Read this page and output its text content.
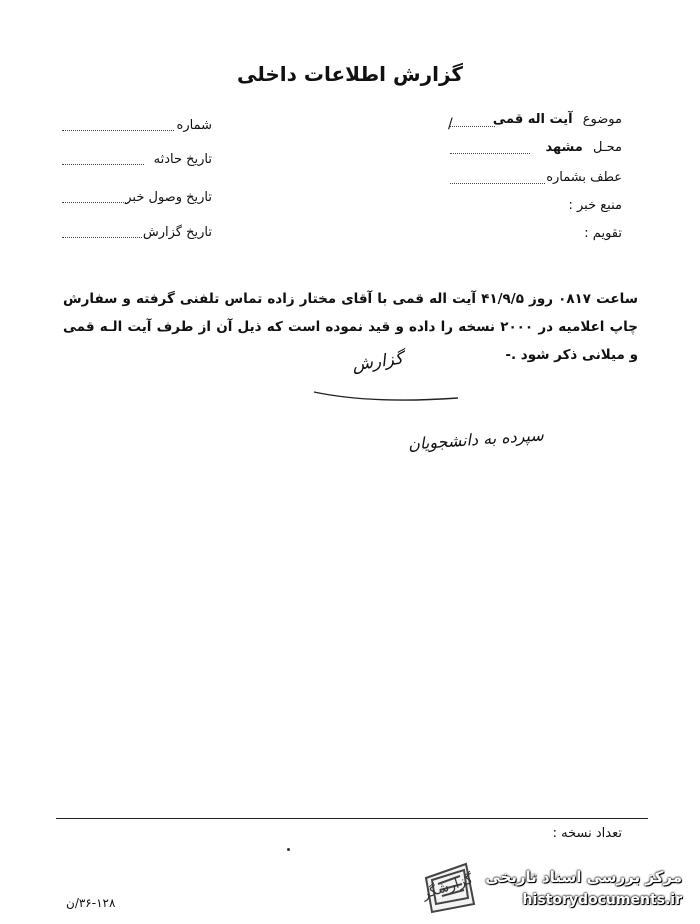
گزارش اطلاعات داخلی
موضوع آیت اله قمی
/
محـل مشهد
عطف بشماره
منبع خبر :
تقویم :
شماره
تاریخ حادثه
تاریخ وصول خبر
تاریخ گزارش
ساعت ۰۸۱۷ روز ۴۱/۹/۵ آیت اله قمی با آقای مختار زاده تماس تلفنی گرفته و سفارش چاپ اعلامیه در ۲۰۰۰ نسخه را داده و قید نموده است که ذیل آن از طرف آیت الـه قمی و میلانی ذکر شود .-
گزارش
سپرده به دانشجویان
تعداد نسخه :
۳۶-۱۲۸/ن
گزارشگر مرکز بررسی اسناد تاریخی
historydocuments.ir
